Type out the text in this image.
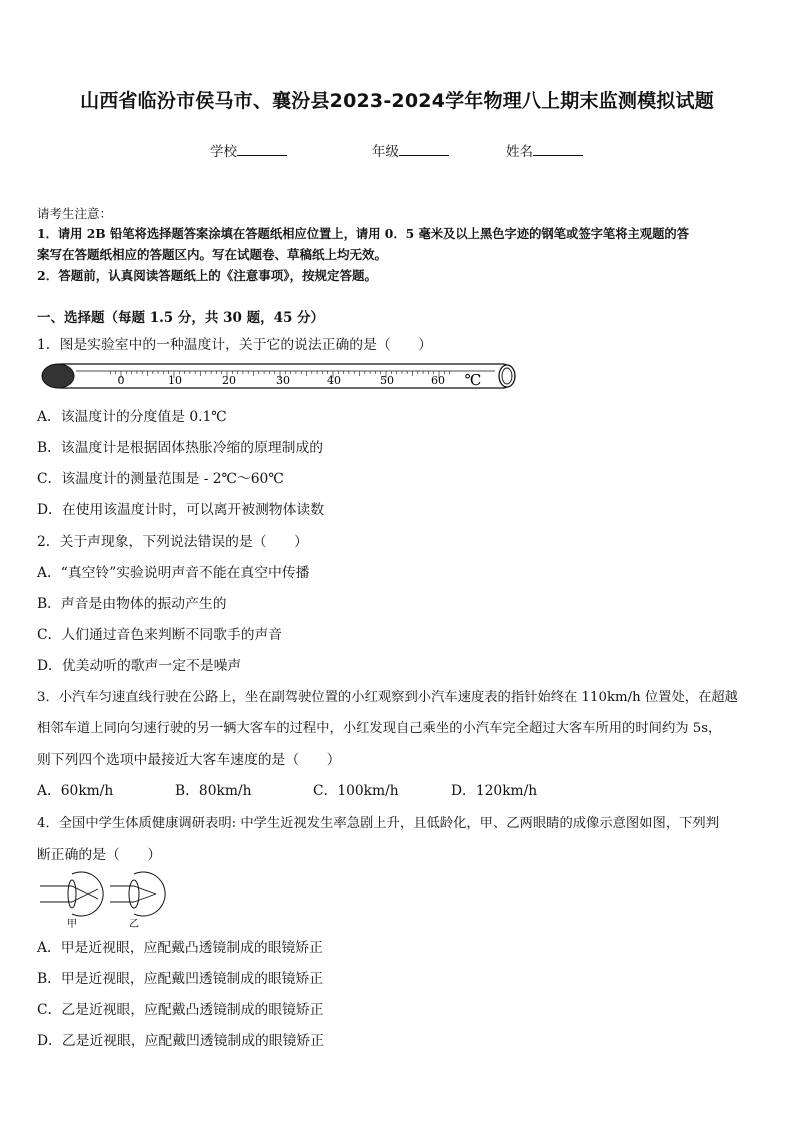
山西省临汾市侯马市、襄汾县2023-2024学年物理八上期末监测模拟试题
学校	年级	姓名
请考生注意：
1．请用 2B 铅笔将选择题答案涂填在答题纸相应位置上，请用 0．5 毫米及以上黑色字迹的钢笔或签字笔将主观题的答
案写在答题纸相应的答题区内。写在试题卷、草稿纸上均无效。
2．答题前，认真阅读答题纸上的《注意事项》，按规定答题。
一、选择题（每题 1.5 分，共 30 题，45 分）
1．图是实验室中的一种温度计，关于它的说法正确的是（　　）
0	10	20	30	40	50	60 ℃
A．该温度计的分度值是 0.1℃
B．该温度计是根据固体热胀冷缩的原理制成的
C．该温度计的测量范围是 - 2℃～60℃
D．在使用该温度计时，可以离开被测物体读数
2．关于声现象，下列说法错误的是（　　）
A．“真空铃”实验说明声音不能在真空中传播
B．声音是由物体的振动产生的
C．人们通过音色来判断不同歌手的声音
D．优美动听的歌声一定不是噪声
3．小汽车匀速直线行驶在公路上，坐在副驾驶位置的小红观察到小汽车速度表的指针始终在 110km/h 位置处，在超越
相邻车道上同向匀速行驶的另一辆大客车的过程中，小红发现自己乘坐的小汽车完全超过大客车所用的时间约为 5s，
则下列四个选项中最接近大客车速度的是（　　）
A．60km/h	B．80km/h	C．100km/h	D．120km/h
4．全国中学生体质健康调研表明: 中学生近视发生率急剧上升，且低龄化，甲、乙两眼睛的成像示意图如图，下列判
断正确的是（　　）
甲	乙
A．甲是近视眼，应配戴凸透镜制成的眼镜矫正
B．甲是近视眼，应配戴凹透镜制成的眼镜矫正
C．乙是近视眼，应配戴凸透镜制成的眼镜矫正
D．乙是近视眼，应配戴凹透镜制成的眼镜矫正
